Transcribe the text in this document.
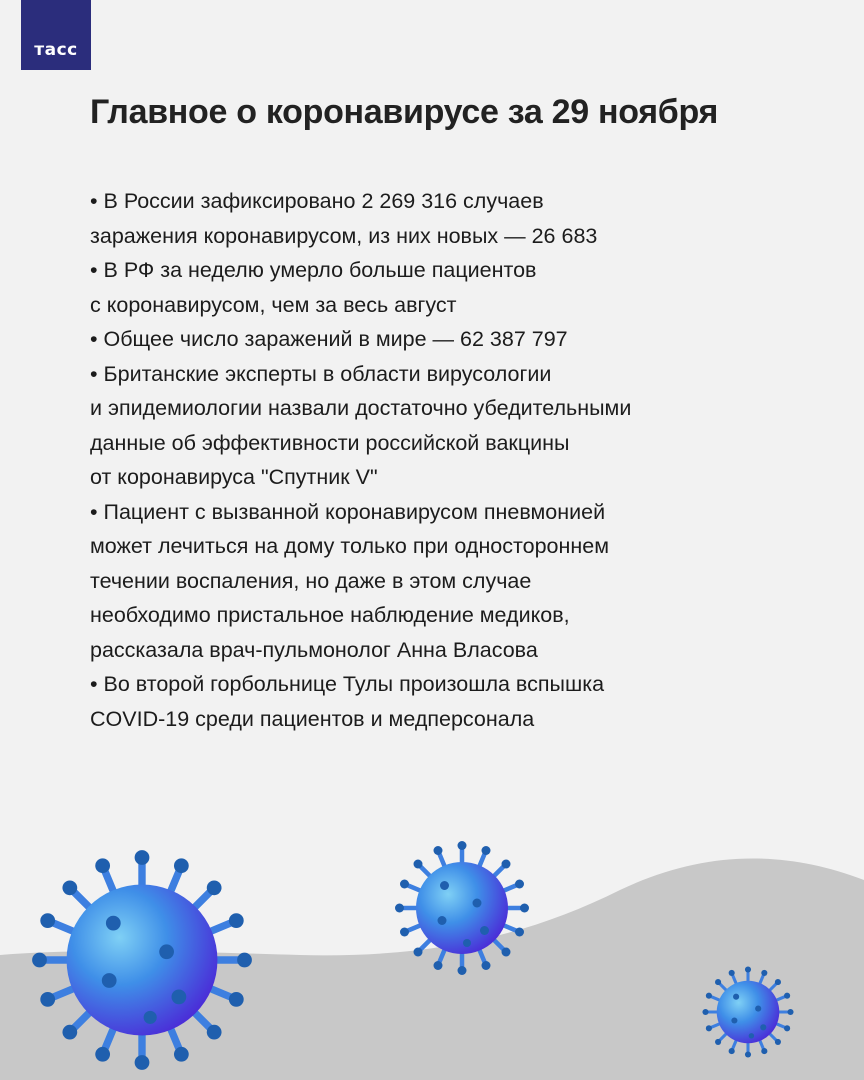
тасс
Главное о коронавирусе за 29 ноября
• В России зафиксировано 2 269 316 случаев
заражения коронавирусом, из них новых — 26 683
• В РФ за неделю умерло больше пациентов
с коронавирусом, чем за весь август
• Общее число заражений в мире — 62 387 797
• Британские эксперты в области вирусологии
и эпидемиологии назвали достаточно убедительными
данные об эффективности российской вакцины
от коронавируса "Спутник V"
• Пациент с вызванной коронавирусом пневмонией
может лечиться на дому только при одностороннем
течении воспаления, но даже в этом случае
необходимо пристальное наблюдение медиков,
рассказала врач-пульмонолог Анна Власова
• Во второй горбольнице Тулы произошла вспышка
COVID-19 среди пациентов и медперсонала
